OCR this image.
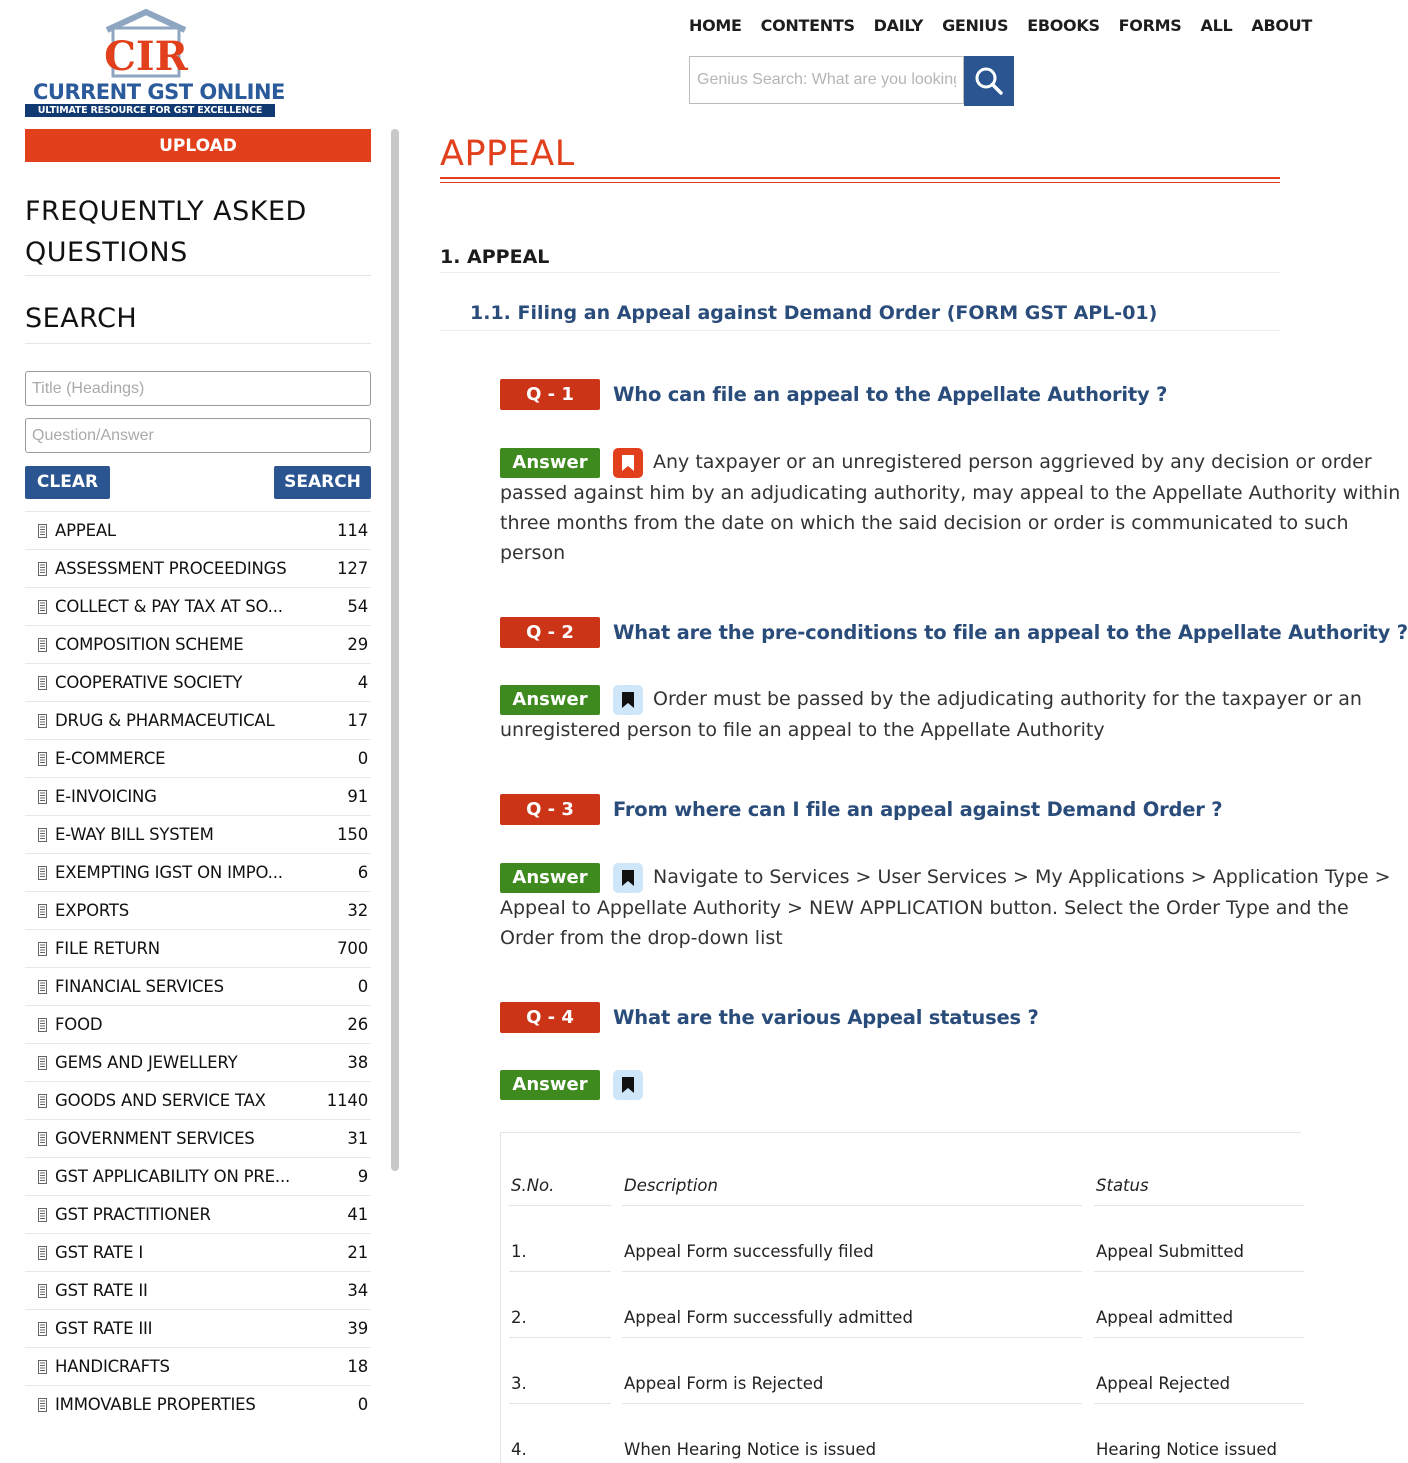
CIR
CURRENT GST ONLINE
ULTIMATE RESOURCE FOR GST EXCELLENCE
HOME CONTENTS DAILY GENIUS EBOOKS FORMS ALL ABOUT
Genius Search: What are you looking for?
UPLOAD
FREQUENTLY ASKED QUESTIONS
SEARCH
Title (Headings)
Question/Answer
CLEAR	SEARCH
APPEAL	114
ASSESSMENT PROCEEDINGS	127
COLLECT & PAY TAX AT SO...	54
COMPOSITION SCHEME	29
COOPERATIVE SOCIETY	4
DRUG & PHARMACEUTICAL	17
E-COMMERCE	0
E-INVOICING	91
E-WAY BILL SYSTEM	150
EXEMPTING IGST ON IMPO...	6
EXPORTS	32
FILE RETURN	700
FINANCIAL SERVICES	0
FOOD	26
GEMS AND JEWELLERY	38
GOODS AND SERVICE TAX	1140
GOVERNMENT SERVICES	31
GST APPLICABILITY ON PRE...	9
GST PRACTITIONER	41
GST RATE I	21
GST RATE II	34
GST RATE III	39
HANDICRAFTS	18
IMMOVABLE PROPERTIES	0
APPEAL
1. APPEAL
1.1. Filing an Appeal against Demand Order (FORM GST APL-01)
Q - 1	Who can file an appeal to the Appellate Authority ?
Answer	Any taxpayer or an unregistered person aggrieved by any decision or order
passed against him by an adjudicating authority, may appeal to the Appellate Authority within
three months from the date on which the said decision or order is communicated to such
person
Q - 2	What are the pre-conditions to file an appeal to the Appellate Authority ?
Answer	Order must be passed by the adjudicating authority for the taxpayer or an
unregistered person to file an appeal to the Appellate Authority
Q - 3	From where can I file an appeal against Demand Order ?
Answer	Navigate to Services > User Services > My Applications > Application Type >
Appeal to Appellate Authority > NEW APPLICATION button. Select the Order Type and the
Order from the drop-down list
Q - 4	What are the various Appeal statuses ?
Answer
S.No.	Description	Status
1.	Appeal Form successfully filed	Appeal Submitted
2.	Appeal Form successfully admitted	Appeal admitted
3.	Appeal Form is Rejected	Appeal Rejected
4.	When Hearing Notice is issued	Hearing Notice issued
